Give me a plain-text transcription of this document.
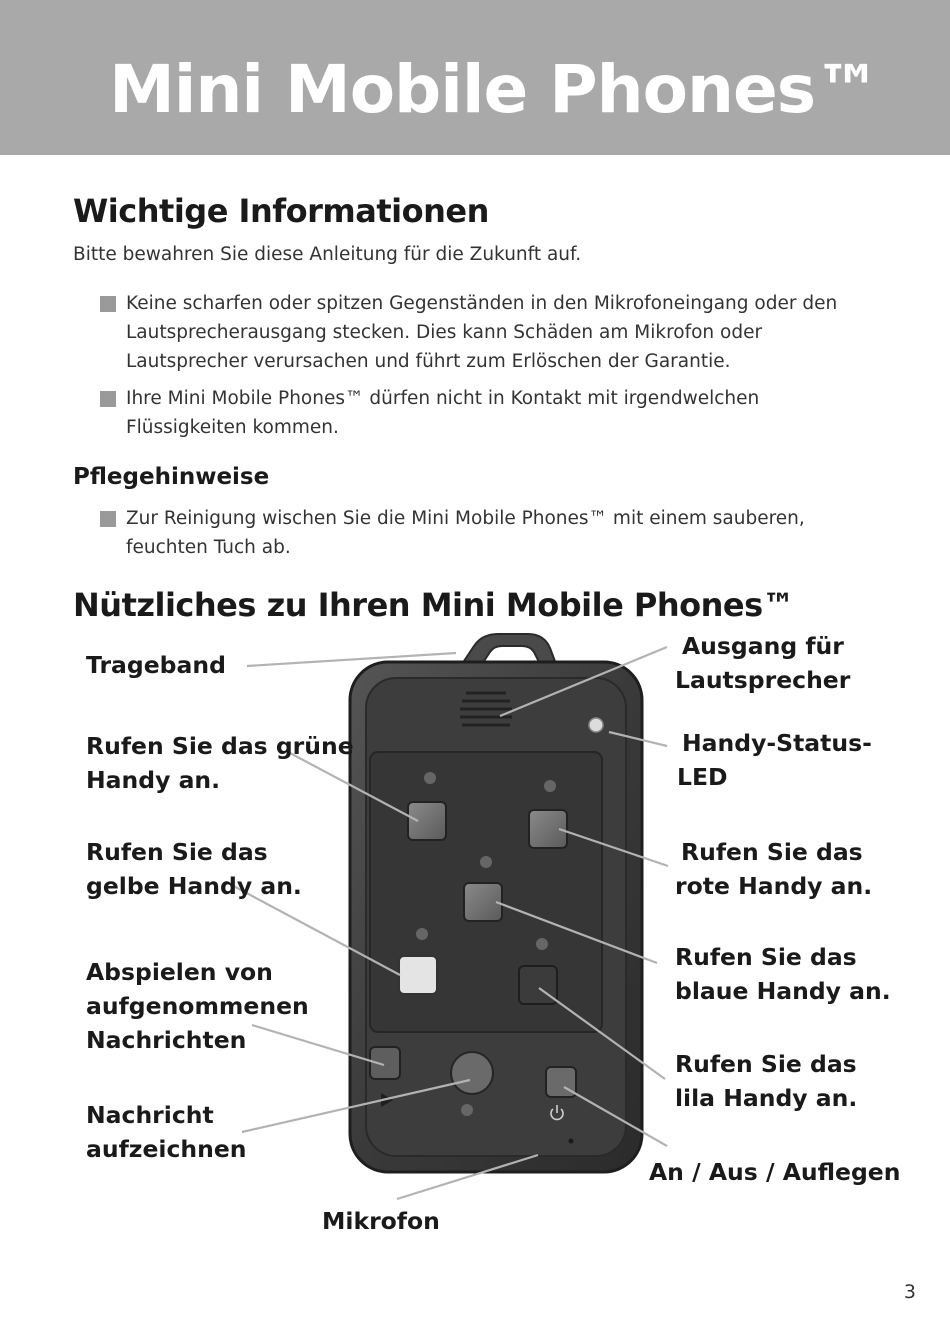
Mini Mobile Phones™
Wichtige Informationen

Bitte bewahren Sie diese Anleitung für die Zukunft auf.

Keine scharfen oder spitzen Gegenständen in den Mikrofoneingang oder den Lautsprecherausgang stecken. Dies kann Schäden am Mikrofon oder Lautsprecher verursachen und führt zum Erlöschen der Garantie.
Ihre Mini Mobile Phones™ dürfen nicht in Kontakt mit irgendwelchen Flüssigkeiten kommen.
Pflegehinweise
Zur Reinigung wischen Sie die Mini Mobile Phones™ mit einem sauberen, feuchten Tuch ab.
Nützliches zu Ihren Mini Mobile Phones™
Trageband
Rufen Sie das grüne
Handy an.
Rufen Sie das
gelbe Handy an.
Abspielen von
aufgenommenen
Nachrichten
Nachricht
aufzeichnen
Mikrofon
Ausgang für
Lautsprecher
Handy-Status-
LED
Rufen Sie das
rote Handy an.
Rufen Sie das
blaue Handy an.
Rufen Sie das
lila Handy an.
An / Aus / Auflegen
3
